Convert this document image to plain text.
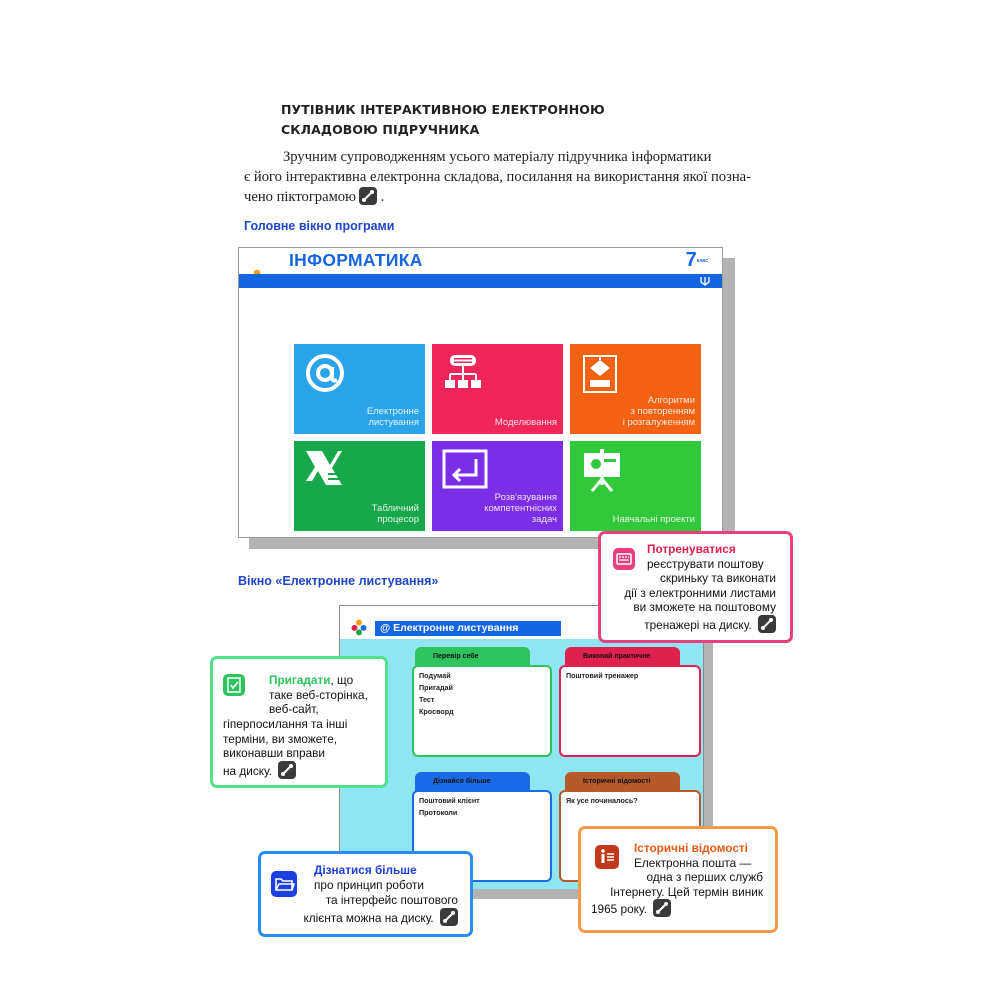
ПУТІВНИК ІНТЕРАКТИВНОЮ ЕЛЕКТРОННОЮ
СКЛАДОВОЮ ПІДРУЧНИКА
Зручним супроводженням усього матеріалу підручника інформатики
є його інтерактивна електронна складова, посилання на використання якої позна-
чено піктограмою .
Головне вікно програми
ІНФОРМАТИКА	$7^{клас}$
Електронне
листування	Моделювання
Алгоритми
з повторенням
і розгалуженням
Табличний
процесор
Розв'язування
компетентнісних
задач	Навчальні проекти
Вікно «Електронне листування»
@ Електронне листування
Перевір себе
Подумай
Пригадай
Тест
Кросворд
Виконай практичне
Поштовий тренажер
Дізнайся більше
Поштовий клієнт
Протоколи
Історичні відомості
Як усе починалось?
Потренуватися
реєструвати поштову
скриньку та виконати
дії з електронними листами
ви зможете на поштовому
тренажері на диску.
Пригадати, що
таке веб-сторінка,
веб-сайт,
гіперпосилання та інші
терміни, ви зможете,
виконавши вправи
на диску.
Дізнатися більше
про принцип роботи
та інтерфейс поштового
клієнта можна на диску.
Історичні відомості
Електронна пошта —
одна з перших служб
Інтернету. Цей термін виник
1965 року.
